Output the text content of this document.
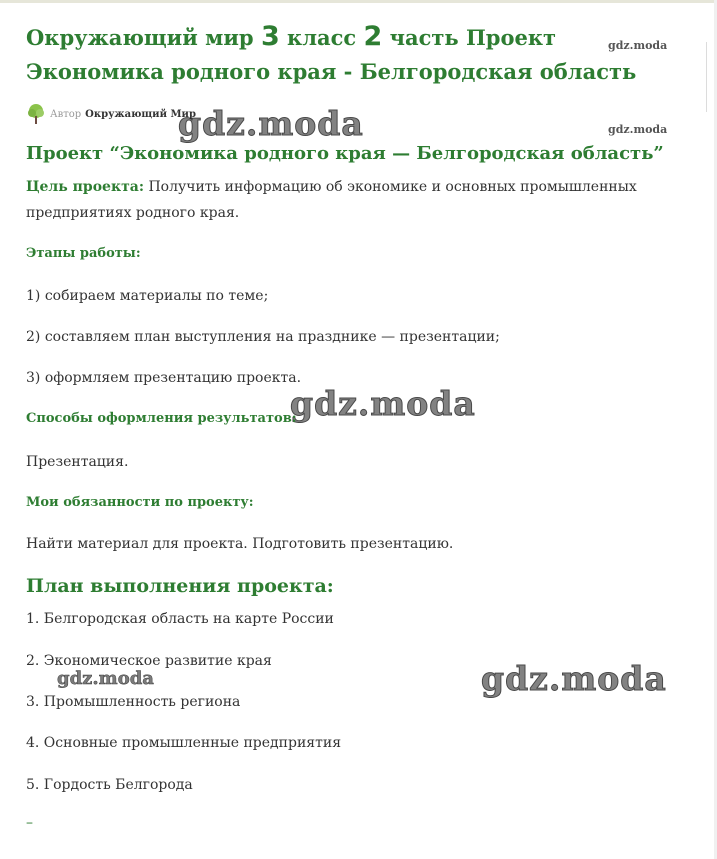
Окружающий мир 3 класс 2 часть Проект Экономика родного края - Белгородская область
gdz.moda
gdz.moda
Автор Окружающий Мир
gdz.moda
Проект “Экономика родного края — Белгородская область”

Цель проекта: Получить информацию об экономике и основных промышленных

предприятиях родного края.

Этапы работы:

1) собираем материалы по теме;

2) составляем план выступления на празднике — презентации;

3) оформляем презентацию проекта.

gdz.moda

Способы оформления результатов:

Презентация.

Мои обязанности по проекту:

Найти материал для проекта. Подготовить презентацию.

План выполнения проекта:

1. Белгородская область на карте России

2. Экономическое развитие края

gdz.moda

3. Промышленность региона

4. Основные промышленные предприятия

5. Гордость Белгорода

gdz.moda
–
